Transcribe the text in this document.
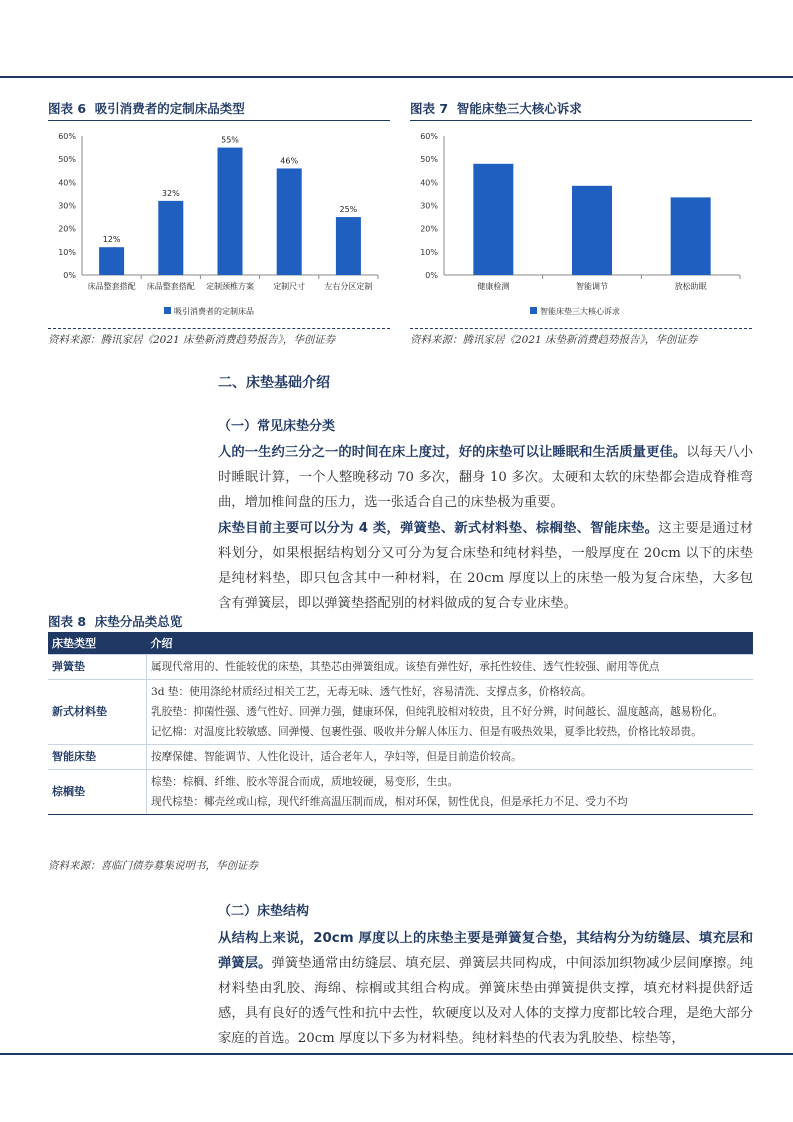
图表 6 吸引消费者的定制床品类型
0%
10%
20%
30%
40%
50%
60%
12%
床品整套搭配
32%
床品整套搭配
55%
定制颈椎方案
46%
定制尺寸
25%
左右分区定制
吸引消费者的定制床品
资料来源：腾讯家居《2021 床垫新消费趋势报告》，华创证券
图表 7 智能床垫三大核心诉求
0%
10%
20%
30%
40%
50%
60%
健康检测	智能调节	放松助眠
智能床垫三大核心诉求
资料来源：腾讯家居《2021 床垫新消费趋势报告》，华创证券
二、床垫基础介绍
（一）常见床垫分类
人的一生约三分之一的时间在床上度过，好的床垫可以让睡眠和生活质量更佳。以每天八小时睡眠计算，一个人整晚移动 70 多次，翻身 10 多次。太硬和太软的床垫都会造成脊椎弯曲，增加椎间盘的压力，选一张适合自己的床垫极为重要。
床垫目前主要可以分为 4 类，弹簧垫、新式材料垫、棕榈垫、智能床垫。这主要是通过材料划分，如果根据结构划分又可分为复合床垫和纯材料垫，一般厚度在 20cm 以下的床垫是纯材料垫，即只包含其中一种材料，在 20cm 厚度以上的床垫一般为复合床垫，大多包含有弹簧层，即以弹簧垫搭配别的材料做成的复合专业床垫。
图表 8 床垫分品类总览
床垫类型	介绍
弹簧垫	属现代常用的、性能较优的床垫，其垫芯由弹簧组成。该垫有弹性好，承托性较佳、透气性较强、耐用等优点

新式材料垫	3d 垫：使用涤纶材质经过相关工艺，无毒无味、透气性好，容易清洗、支撑点多，价格较高。
乳胶垫：抑菌性强、透气性好、回弹力强，健康环保，但纯乳胶相对较贵，且不好分辨，时间越长、温度越高，越易粉化。
记忆棉：对温度比较敏感、回弹慢、包裹性强、吸收并分解人体压力、但是有吸热效果，夏季比较热，价格比较昂贵。

智能床垫	按摩保健、智能调节、人性化设计，适合老年人，孕妇等，但是目前造价较高。

棕榈垫	棕垫：棕榈、纤维、胶水等混合而成，质地较硬，易变形，生虫。
现代棕垫：椰壳丝或山棕，现代纤维高温压制而成，相对环保，韧性优良，但是承托力不足、受力不均
资料来源：喜临门债券募集说明书，华创证券
（二）床垫结构
从结构上来说，20cm 厚度以上的床垫主要是弹簧复合垫，其结构分为纺缝层、填充层和弹簧层。弹簧垫通常由纺缝层、填充层、弹簧层共同构成，中间添加织物减少层间摩擦。纯材料垫由乳胶、海绵、棕榈或其组合构成。弹簧床垫由弹簧提供支撑，填充材料提供舒适感，具有良好的透气性和抗中去性，软硬度以及对人体的支撑力度都比较合理，是绝大部分家庭的首选。20cm 厚度以下多为材料垫。纯材料垫的代表为乳胶垫、棕垫等，
